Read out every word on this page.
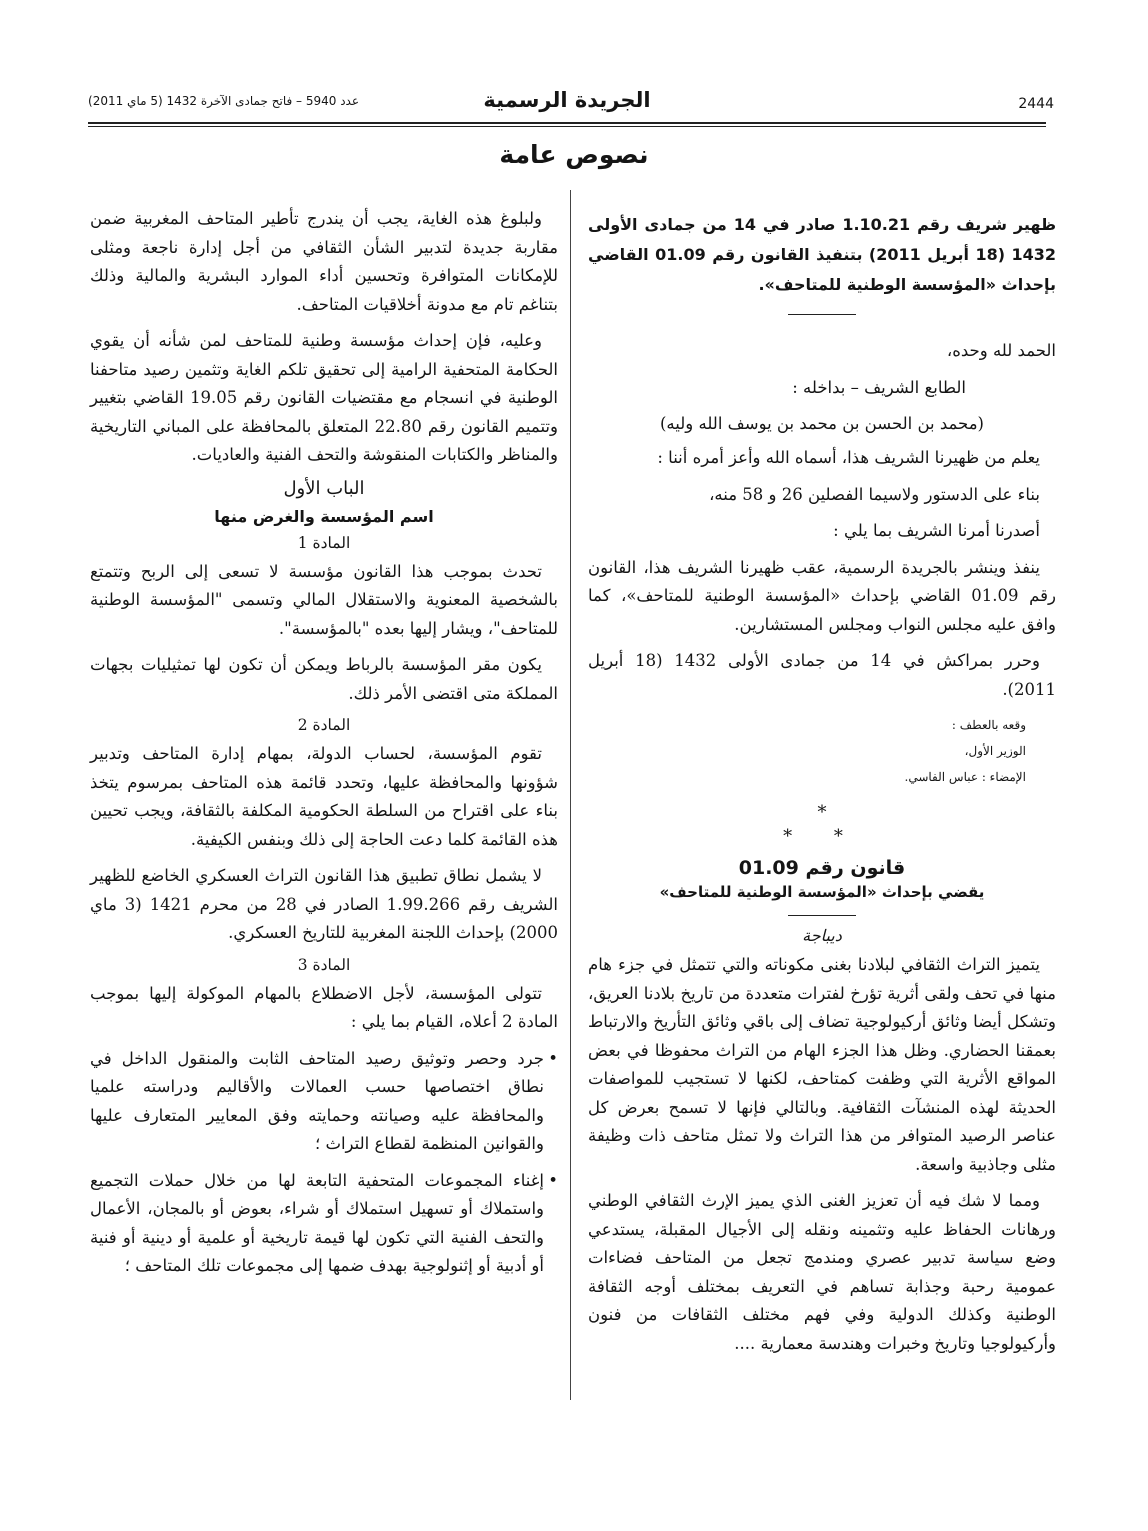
2444
الجريدة الرسمية
عدد 5940 – فاتح جمادى الآخرة 1432 (5 ماي 2011)
نصوص عامة

ظهير شريف رقم 1.10.21 صادر في 14 من جمادى الأولى 1432 (18 أبريل 2011) بتنفيذ القانون رقم 01.09 القاضي بإحداث «المؤسسة الوطنية للمتاحف».

الحمد لله وحده،

الطابع الشريف – بداخله :

(محمد بن الحسن بن محمد بن يوسف الله وليه)

يعلم من ظهيرنا الشريف هذا، أسماه الله وأعز أمره أننا :

بناء على الدستور ولاسيما الفصلين 26 و 58 منه،

أصدرنا أمرنا الشريف بما يلي :

ينفذ وينشر بالجريدة الرسمية، عقب ظهيرنا الشريف هذا، القانون رقم 01.09 القاضي بإحداث «المؤسسة الوطنية للمتاحف»، كما وافق عليه مجلس النواب ومجلس المستشارين.

وحرر بمراكش في 14 من جمادى الأولى 1432 (18 أبريل 2011).

وقعه بالعطف :

الوزير الأول،

الإمضاء : عباس الفاسي.

*
* *
قانون رقم 01.09
يقضي بإحداث «المؤسسة الوطنية للمتاحف»
ديباجة

يتميز التراث الثقافي لبلادنا بغنى مكوناته والتي تتمثل في جزء هام منها في تحف ولقى أثرية تؤرخ لفترات متعددة من تاريخ بلادنا العريق، وتشكل أيضا وثائق أركيولوجية تضاف إلى باقي وثائق التأريخ والارتباط بعمقنا الحضاري. وظل هذا الجزء الهام من التراث محفوظا في بعض المواقع الأثرية التي وظفت كمتاحف، لكنها لا تستجيب للمواصفات الحديثة لهذه المنشآت الثقافية. وبالتالي فإنها لا تسمح بعرض كل عناصر الرصيد المتوافر من هذا التراث ولا تمثل متاحف ذات وظيفة مثلى وجاذبية واسعة.

ومما لا شك فيه أن تعزيز الغنى الذي يميز الإرث الثقافي الوطني ورهانات الحفاظ عليه وتثمينه ونقله إلى الأجيال المقبلة، يستدعي وضع سياسة تدبير عصري ومندمج تجعل من المتاحف فضاءات عمومية رحبة وجذابة تساهم في التعريف بمختلف أوجه الثقافة الوطنية وكذلك الدولية وفي فهم مختلف الثقافات من فنون وأركيولوجيا وتاريخ وخبرات وهندسة معمارية ....

ولبلوغ هذه الغاية، يجب أن يندرج تأطير المتاحف المغربية ضمن مقاربة جديدة لتدبير الشأن الثقافي من أجل إدارة ناجعة ومثلى للإمكانات المتوافرة وتحسين أداء الموارد البشرية والمالية وذلك بتناغم تام مع مدونة أخلاقيات المتاحف.

وعليه، فإن إحداث مؤسسة وطنية للمتاحف لمن شأنه أن يقوي الحكامة المتحفية الرامية إلى تحقيق تلكم الغاية وتثمين رصيد متاحفنا الوطنية في انسجام مع مقتضيات القانون رقم 19.05 القاضي بتغيير وتتميم القانون رقم 22.80 المتعلق بالمحافظة على المباني التاريخية والمناظر والكتابات المنقوشة والتحف الفنية والعاديات.

الباب الأول
اسم المؤسسة والغرض منها
المادة 1

تحدث بموجب هذا القانون مؤسسة لا تسعى إلى الربح وتتمتع بالشخصية المعنوية والاستقلال المالي وتسمى "المؤسسة الوطنية للمتاحف"، ويشار إليها بعده "بالمؤسسة".

يكون مقر المؤسسة بالرباط ويمكن أن تكون لها تمثيليات بجهات المملكة متى اقتضى الأمر ذلك.

المادة 2

تقوم المؤسسة، لحساب الدولة، بمهام إدارة المتاحف وتدبير شؤونها والمحافظة عليها، وتحدد قائمة هذه المتاحف بمرسوم يتخذ بناء على اقتراح من السلطة الحكومية المكلفة بالثقافة، ويجب تحيين هذه القائمة كلما دعت الحاجة إلى ذلك وبنفس الكيفية.

لا يشمل نطاق تطبيق هذا القانون التراث العسكري الخاضع للظهير الشريف رقم 1.99.266 الصادر في 28 من محرم 1421 (3 ماي 2000) بإحداث اللجنة المغربية للتاريخ العسكري.

المادة 3

تتولى المؤسسة، لأجل الاضطلاع بالمهام الموكولة إليها بموجب المادة 2 أعلاه، القيام بما يلي :

• جرد وحصر وتوثيق رصيد المتاحف الثابت والمنقول الداخل في نطاق اختصاصها حسب العمالات والأقاليم ودراسته علميا والمحافظة عليه وصيانته وحمايته وفق المعايير المتعارف عليها والقوانين المنظمة لقطاع التراث ؛

• إغناء المجموعات المتحفية التابعة لها من خلال حملات التجميع واستملاك أو تسهيل استملاك أو شراء، بعوض أو بالمجان، الأعمال والتحف الفنية التي تكون لها قيمة تاريخية أو علمية أو دينية أو فنية أو أدبية أو إثنولوجية بهدف ضمها إلى مجموعات تلك المتاحف ؛
